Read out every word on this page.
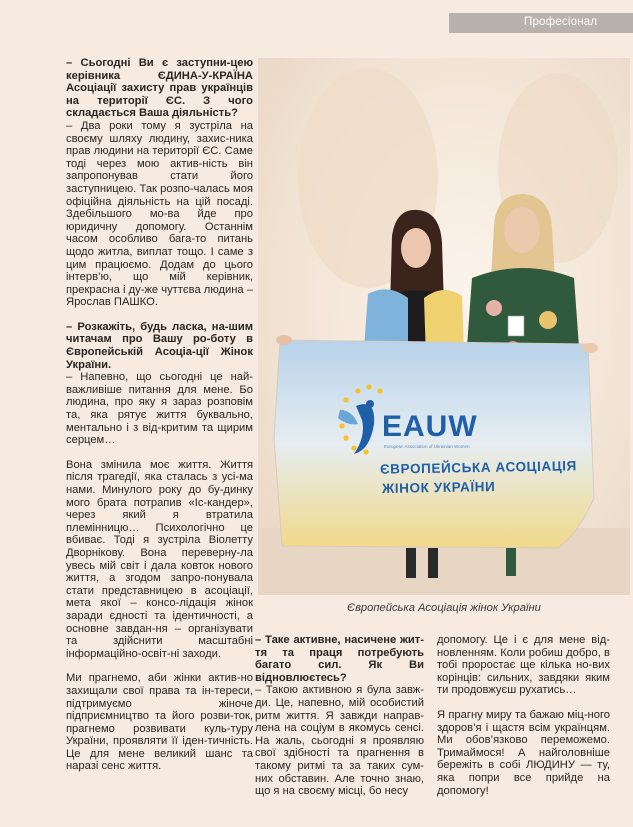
Професіонал

– Сьогодні Ви є заступни-цею керівника ЄДИНА-У-КРАЇНА Асоціації захисту прав українців на території ЄС. З чого складається Ваша діяльність?

– Два роки тому я зустріла на своєму шляху людину, захис-ника прав людини на території ЄС. Саме тоді через мою актив-ність він запропонував стати його заступницею. Так розпо-чалась моя офіційна діяльність на цій посаді. Здебільшого мо-ва йде про юридичну допомогу. Останнім часом особливо бага-то питань щодо житла, виплат тощо. І саме з цим працюємо. Додам до цього інтерв’ю, що мій керівник, прекрасна і ду-же чуттєва людина – Ярослав ПАШКО.

– Розкажіть, будь ласка, на-шим читачам про Вашу ро-боту в Європейській Асоціа-ції Жінок України.

– Напевно, що сьогодні це най-важливіше питання для мене. Бо людина, про яку я зараз розповім та, яка рятує життя буквально, ментально і з від-критим та щирим серцем…

Вона змінила моє життя. Життя після трагедії, яка сталась з усі-ма нами. Минулого року до бу-динку мого брата потрапив «Іс-кандер», через який я втратила племінницю… Психологічно це вбиває. Тоді я зустріла Віолетту Дворнікову. Вона переверну-ла увесь мій світ і дала ковток нового життя, а згодом запро-понувала стати представницею в асоціації, мета якої – консо-лідація жінок заради єдності та ідентичності, а основне завдан-ня – організувати та здійснити масштабні інформаційно-освіт-ні заходи.

Ми прагнемо, аби жінки актив-но захищали свої права та ін-тереси, підтримуємо жіноче підприємництво та його розви-ток, прагнемо розвивати куль-туру України, проявляти її іден-тичність. Це для мене великий шанс та наразі сенс життя.

EAUW
European Association of Ukrainian Women
ЄВРОПЕЙСЬКА АСОЦІАЦІЯ
ЖІНОК УКРАЇНИ
Європейська Асоціація жінок України

– Таке активне, насичене жит-тя та праця потребують багато сил. Як Ви відновлюєтесь?

– Такою активною я була завж-ди. Це, напевно, мій особистий ритм життя. Я завжди направ-лена на соціум в якомусь сенсі. На жаль, сьогодні я проявляю свої здібності та прагнення в такому ритмі та за таких сум-них обставин. Але точно знаю, що я на своєму місці, бо несу

допомогу. Це і є для мене від-новленням. Коли робиш добро, в тобі проростає ще кілька но-вих корінців: сильних, завдяки яким ти продовжуєш рухатись…

Я прагну миру та бажаю міц-ного здоров’я і щастя всім українцям. Ми обов’язково переможемо. Тримаймося! А найголовніше бережіть в собі ЛЮДИНУ — ту, яка попри все прийде на допомогу!
